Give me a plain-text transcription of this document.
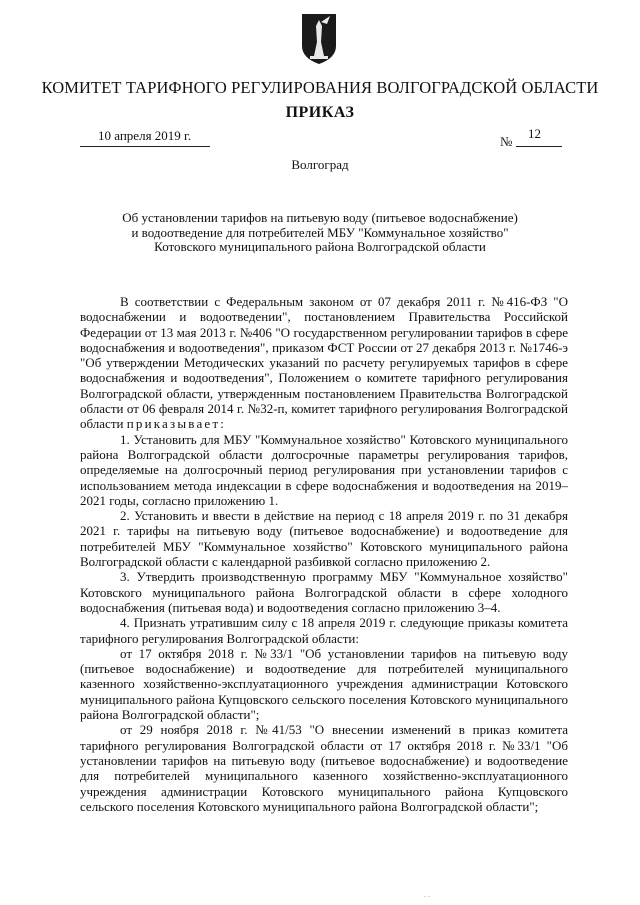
КОМИТЕТ ТАРИФНОГО РЕГУЛИРОВАНИЯ ВОЛГОГРАДСКОЙ ОБЛАСТИ
ПРИКАЗ
10 апреля 2019 г.	№
12
Волгоград
Об установлении тарифов на питьевую воду (питьевое водоснабжение)
и водоотведение для потребителей МБУ "Коммунальное хозяйство"
Котовского муниципального района Волгоградской области

В соответствии с Федеральным законом от 07 декабря 2011 г. №416-ФЗ "О водоснабжении и водоотведении", постановлением Правительства Российской Федерации от 13 мая 2013 г. №406 "О государственном регулировании тарифов в сфере водоснабжения и водоотведения", приказом ФСТ России от 27 декабря 2013 г. №1746-э "Об утверждении Методических указаний по расчету регулируемых тарифов в сфере водоснабжения и водоотведения", Положением о комитете тарифного регулирования Волгоградской области, утвержденным постановлением Правительства Волгоградской области от 06 февраля 2014 г. №32-п, комитет тарифного регулирования Волгоградской области приказывает:

1. Установить для МБУ "Коммунальное хозяйство" Котовского муниципального района Волгоградской области долгосрочные параметры регулирования тарифов, определяемые на долгосрочный период регулирования при установлении тарифов с использованием метода индексации в сфере водоснабжения и водоотведения на 2019–2021 годы, согласно приложению 1.

2. Установить и ввести в действие на период с 18 апреля 2019 г. по 31 декабря 2021 г. тарифы на питьевую воду (питьевое водоснабжение) и водоотведение для потребителей МБУ "Коммунальное хозяйство" Котовского муниципального района Волгоградской области с календарной разбивкой согласно приложению 2.

3. Утвердить производственную программу МБУ "Коммунальное хозяйство" Котовского муниципального района Волгоградской области в сфере холодного водоснабжения (питьевая вода) и водоотведения согласно приложению 3–4.

4. Признать утратившим силу с 18 апреля 2019 г. следующие приказы комитета тарифного регулирования Волгоградской области:

от 17 октября 2018 г. №33/1 "Об установлении тарифов на питьевую воду (питьевое водоснабжение) и водоотведение для потребителей муниципального казенного хозяйственно-эксплуатационного учреждения администрации Котовского муниципального района Купцовского сельского поселения Котовского муниципального района Волгоградской области";

от 29 ноября 2018 г. №41/53 "О внесении изменений в приказ комитета тарифного регулирования Волгоградской области от 17 октября 2018 г. №33/1 "Об установлении тарифов на питьевую воду (питьевое водоснабжение) и водоотведение для потребителей муниципального казенного хозяйственно-эксплуатационного учреждения администрации Котовского муниципального района Купцовского сельского поселения Котовского муниципального района Волгоградской области";

. .
